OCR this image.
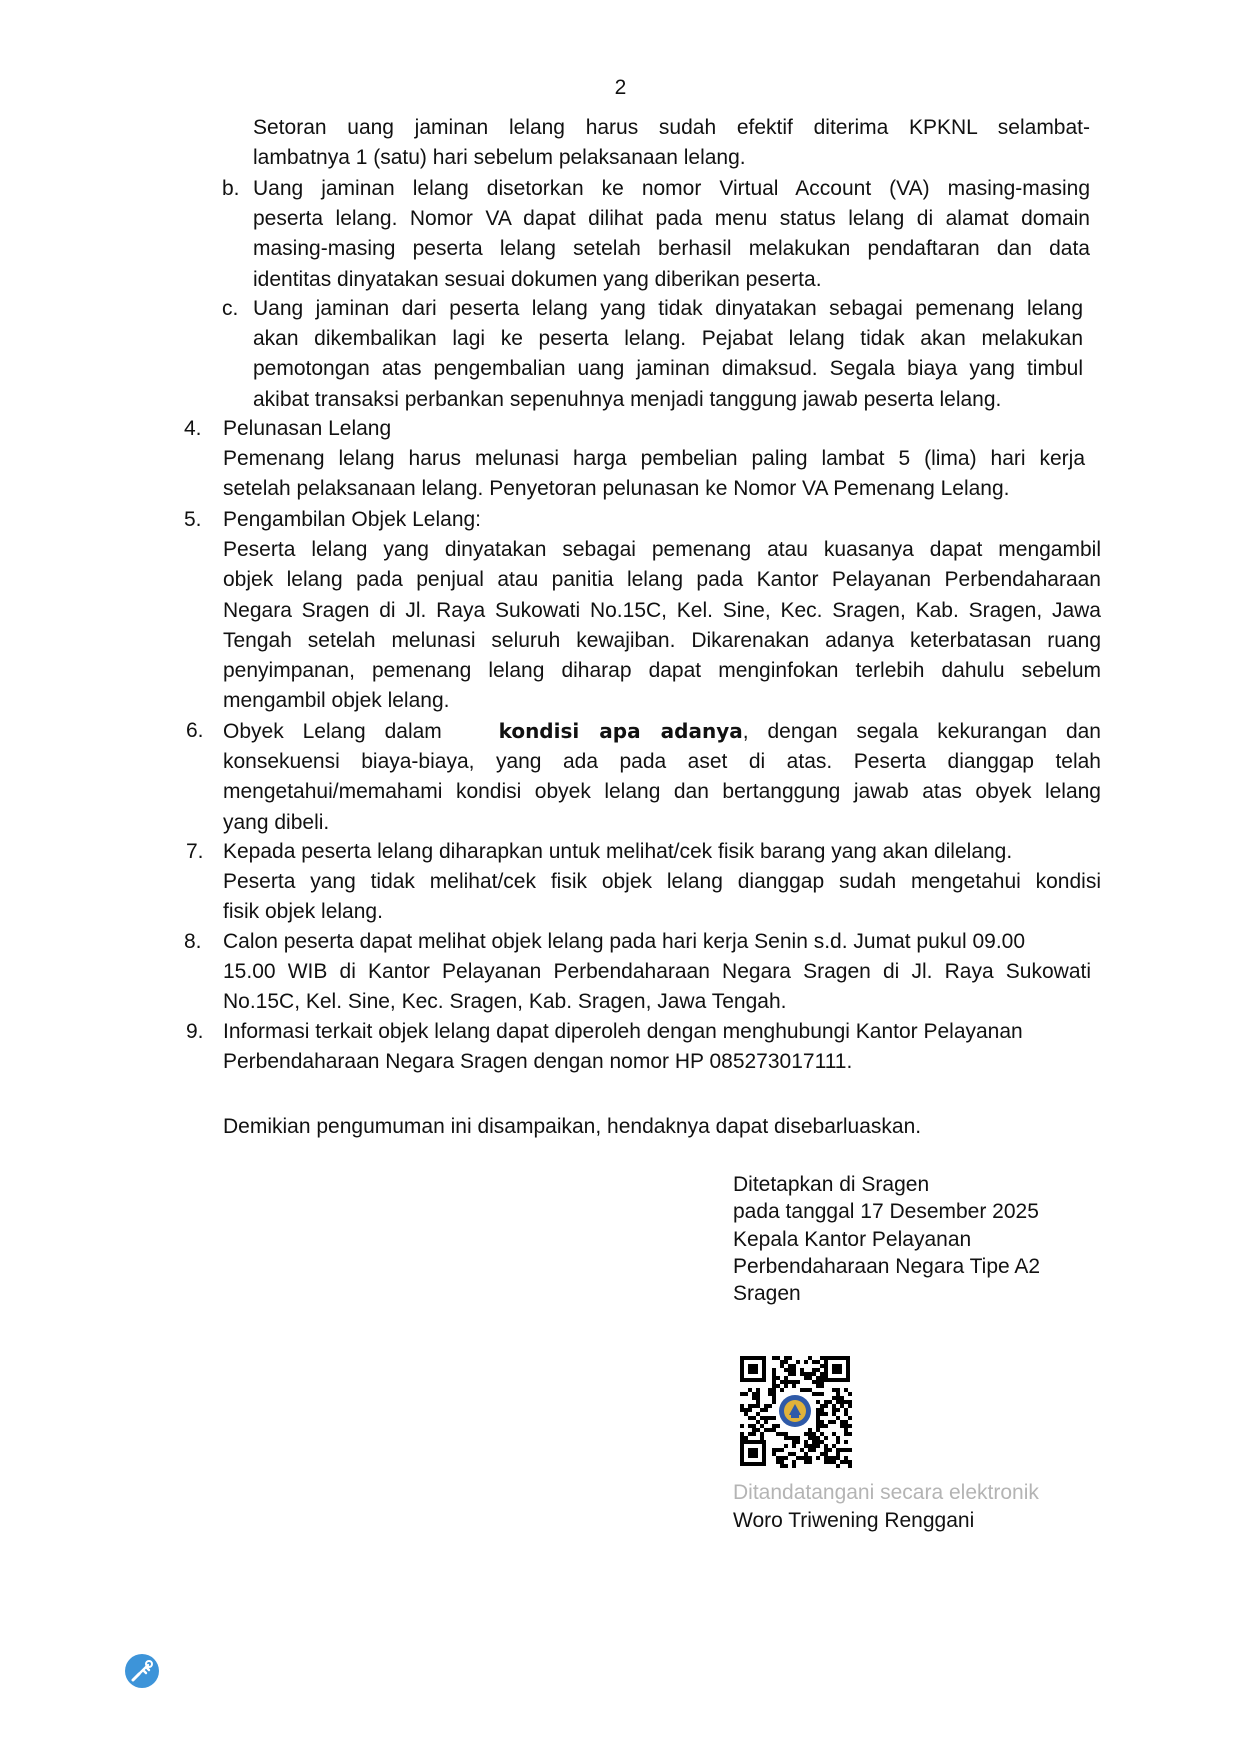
2
Setoran uang jaminan lelang harus sudah efektif diterima KPKNL selambat-
lambatnya 1 (satu) hari sebelum pelaksanaan lelang.
b. Uang jaminan lelang disetorkan ke nomor Virtual Account (VA) masing-masing
peserta lelang. Nomor VA dapat dilihat pada menu status lelang di alamat domain
masing-masing peserta lelang setelah berhasil melakukan pendaftaran dan data
identitas dinyatakan sesuai dokumen yang diberikan peserta.
c. Uang jaminan dari peserta lelang yang tidak dinyatakan sebagai pemenang lelang
akan dikembalikan lagi ke peserta lelang. Pejabat lelang tidak akan melakukan
pemotongan atas pengembalian uang jaminan dimaksud. Segala biaya yang timbul
akibat transaksi perbankan sepenuhnya menjadi tanggung jawab peserta lelang.
4. Pelunasan Lelang
Pemenang lelang harus melunasi harga pembelian paling lambat 5 (lima) hari kerja
setelah pelaksanaan lelang. Penyetoran pelunasan ke Nomor VA Pemenang Lelang.
5. Pengambilan Objek Lelang:
Peserta lelang yang dinyatakan sebagai pemenang atau kuasanya dapat mengambil
objek lelang pada penjual atau panitia lelang pada Kantor Pelayanan Perbendaharaan
Negara Sragen di Jl. Raya Sukowati No.15C, Kel. Sine, Kec. Sragen, Kab. Sragen, Jawa
Tengah setelah melunasi seluruh kewajiban. Dikarenakan adanya keterbatasan ruang
penyimpanan, pemenang lelang diharap dapat menginfokan terlebih dahulu sebelum
mengambil objek lelang.
6. Obyek Lelang dalam	kondisi apa adanya, dengan segala kekurangan dan
konsekuensi biaya-biaya, yang ada pada aset di atas. Peserta dianggap telah
mengetahui/memahami kondisi obyek lelang dan bertanggung jawab atas obyek lelang
yang dibeli.
7. Kepada peserta lelang diharapkan untuk melihat/cek fisik barang yang akan dilelang.
Peserta yang tidak melihat/cek fisik objek lelang dianggap sudah mengetahui kondisi
fisik objek lelang.
8. Calon peserta dapat melihat objek lelang pada hari kerja Senin s.d. Jumat pukul 09.00
15.00 WIB di Kantor Pelayanan Perbendaharaan Negara Sragen di Jl. Raya Sukowati
No.15C, Kel. Sine, Kec. Sragen, Kab. Sragen, Jawa Tengah.
9. Informasi terkait objek lelang dapat diperoleh dengan menghubungi Kantor Pelayanan
Perbendaharaan Negara Sragen dengan nomor HP 085273017111.
Demikian pengumuman ini disampaikan, hendaknya dapat disebarluaskan.
Ditetapkan di Sragen
pada tanggal 17 Desember 2025
Kepala Kantor Pelayanan
Perbendaharaan Negara Tipe A2
Sragen
Ditandatangani secara elektronik
Woro Triwening Renggani
